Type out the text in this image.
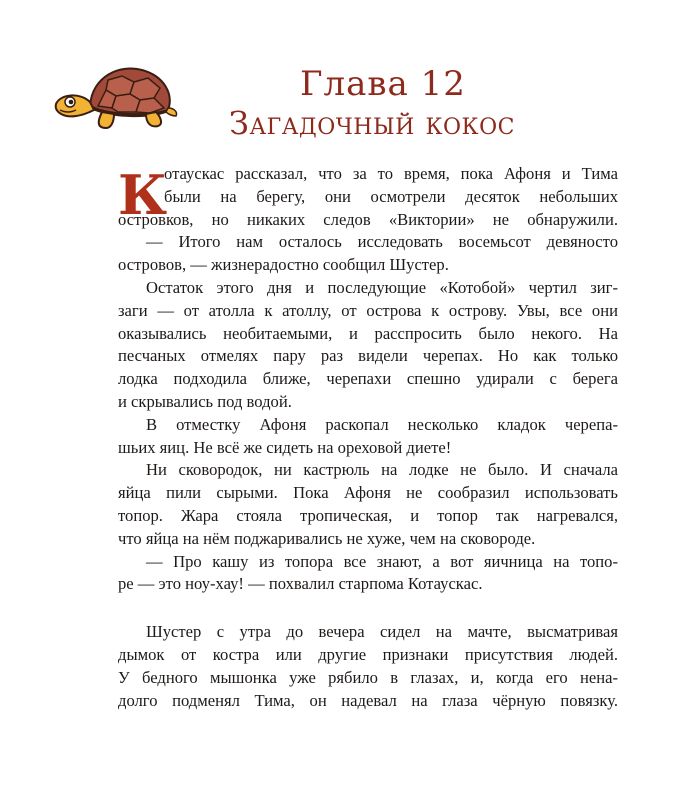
Глава 12
Загадочный кокос
К
отаускас рассказал, что за то время, пока Афоня и Тима
были на берегу, они осмотрели десяток небольших
островков, но никаких следов «Виктории» не обнаружили.
— Итого нам осталось исследовать восемьсот девяносто
островов, — жизнерадостно сообщил Шустер.
Остаток этого дня и последующие «Котобой» чертил зиг-
заги — от атолла к атоллу, от острова к острову. Увы, все они
оказывались необитаемыми, и расспросить было некого. На
песчаных отмелях пару раз видели черепах. Но как только
лодка подходила ближе, черепахи спешно удирали с берега
и скрывались под водой.
В отместку Афоня раскопал несколько кладок черепа-
шьих яиц. Не всё же сидеть на ореховой диете!
Ни сковородок, ни кастрюль на лодке не было. И сначала
яйца пили сырыми. Пока Афоня не сообразил использовать
топор. Жара стояла тропическая, и топор так нагревался,
что яйца на нём поджаривались не хуже, чем на сковороде.
— Про кашу из топора все знают, а вот яичница на топо-
ре — это ноу-хау! — похвалил старпома Котаускас.
Шустер с утра до вечера сидел на мачте, высматривая
дымок от костра или другие признаки присутствия людей.
У бедного мышонка уже рябило в глазах, и, когда его нена-
долго подменял Тима, он надевал на глаза чёрную повязку.
